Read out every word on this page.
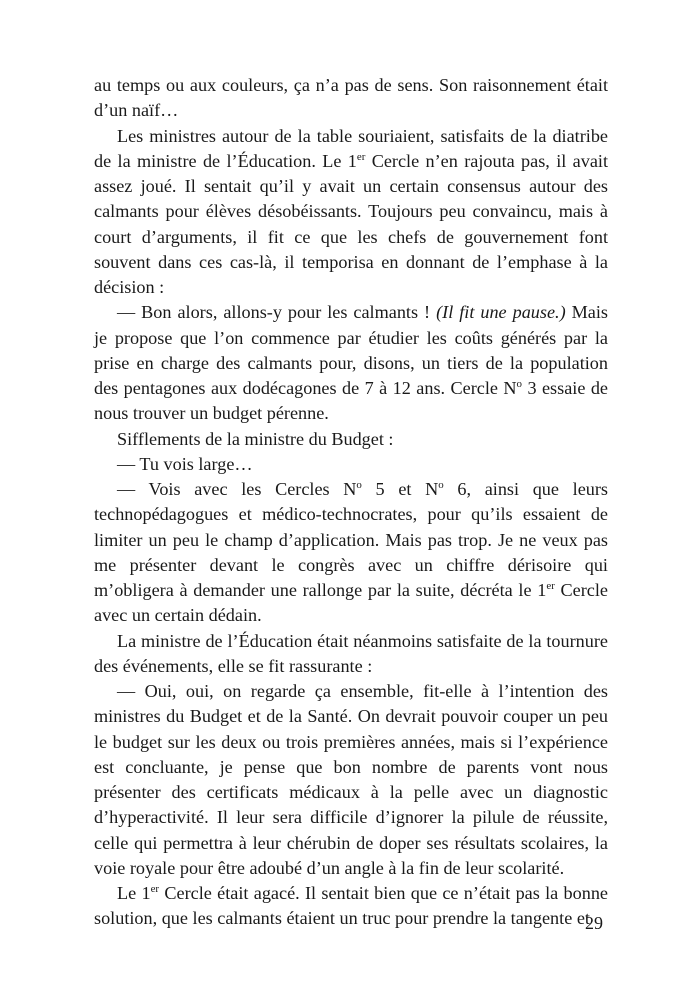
au temps ou aux couleurs, ça n’a pas de sens. Son raisonnement était d’un naïf…

Les ministres autour de la table souriaient, satisfaits de la diatribe de la ministre de l’Éducation. Le 1er Cercle n’en rajouta pas, il avait assez joué. Il sentait qu’il y avait un certain consensus autour des calmants pour élèves désobéissants. Toujours peu convaincu, mais à court d’arguments, il fit ce que les chefs de gouvernement font souvent dans ces cas-là, il temporisa en donnant de l’emphase à la décision :

— Bon alors, allons-y pour les calmants ! (Il fit une pause.) Mais je propose que l’on commence par étudier les coûts générés par la prise en charge des calmants pour, disons, un tiers de la population des pentagones aux dodécagones de 7 à 12 ans. Cercle $N^o$ 3 essaie de nous trouver un budget pérenne.

Sifflements de la ministre du Budget :

— Tu vois large…

— Vois avec les Cercles $N^o$ 5 et $N^o$ 6, ainsi que leurs technopédagogues et médico-technocrates, pour qu’ils essaient de limiter un peu le champ d’application. Mais pas trop. Je ne veux pas me présenter devant le congrès avec un chiffre dérisoire qui m’obligera à demander une rallonge par la suite, décréta le 1er Cercle avec un certain dédain.

La ministre de l’Éducation était néanmoins satisfaite de la tournure des événements, elle se fit rassurante :

— Oui, oui, on regarde ça ensemble, fit-elle à l’intention des ministres du Budget et de la Santé. On devrait pouvoir couper un peu le budget sur les deux ou trois premières années, mais si l’expérience est concluante, je pense que bon nombre de parents vont nous présenter des certificats médicaux à la pelle avec un diagnostic d’hyperactivité. Il leur sera difficile d’ignorer la pilule de réussite, celle qui permettra à leur chérubin de doper ses résultats scolaires, la voie royale pour être adoubé d’un angle à la fin de leur scolarité.

Le 1er Cercle était agacé. Il sentait bien que ce n’était pas la bonne solution, que les calmants étaient un truc pour prendre la tangente et

29
